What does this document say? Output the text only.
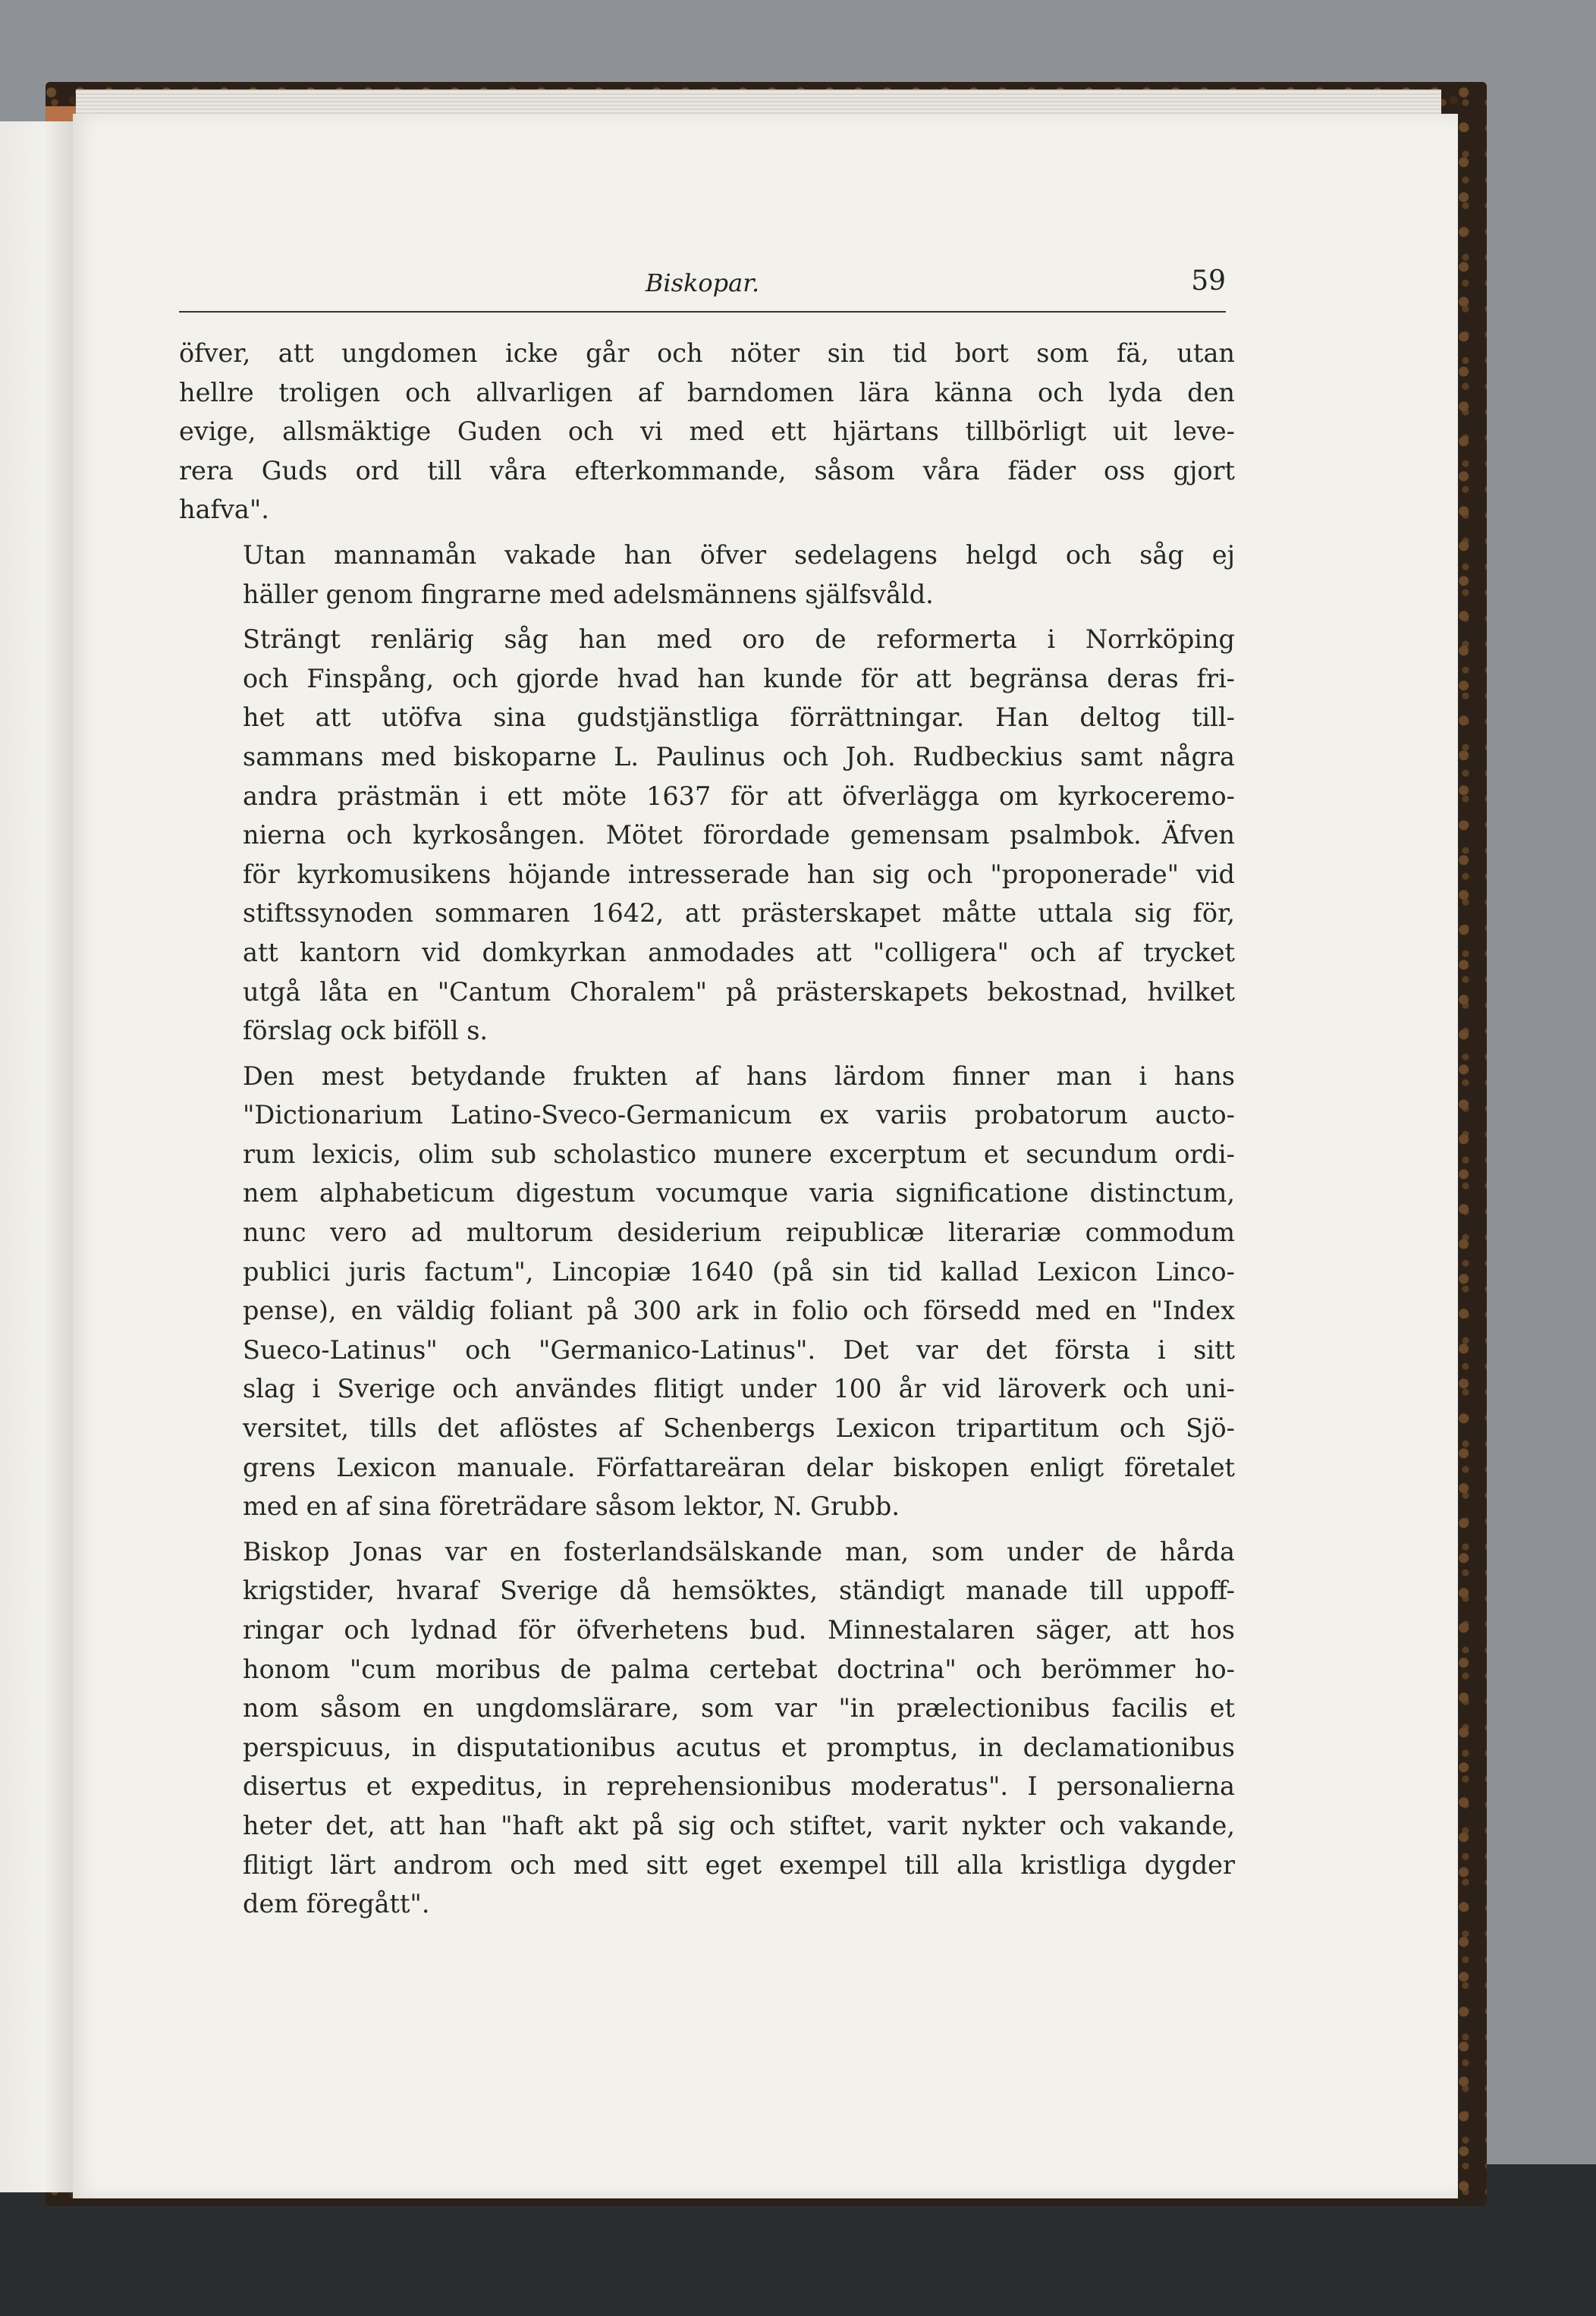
Biskopar.	59

öfver, att ungdomen icke går och nöter sin tid bort som fä, utan
hellre troligen och allvarligen af barndomen lära känna och lyda den
evige, allsmäktige Guden och vi med ett hjärtans tillbörligt uit leve-
rera Guds ord till våra efterkommande, såsom våra fäder oss gjort
hafva".

Utan mannamån vakade han öfver sedelagens helgd och såg ej
häller genom fingrarne med adelsmännens själfsvåld.

Strängt renlärig såg han med oro de reformerta i Norrköping
och Finspång, och gjorde hvad han kunde för att begränsa deras fri-
het att utöfva sina gudstjänstliga förrättningar. Han deltog till-
sammans med biskoparne L. Paulinus och Joh. Rudbeckius samt några
andra prästmän i ett möte 1637 för att öfverlägga om kyrkoceremo-
nierna och kyrkosången. Mötet förordade gemensam psalmbok. Äfven
för kyrkomusikens höjande intresserade han sig och "proponerade" vid
stiftssynoden sommaren 1642, att prästerskapet måtte uttala sig för,
att kantorn vid domkyrkan anmodades att "colligera" och af trycket
utgå låta en "Cantum Choralem" på prästerskapets bekostnad, hvilket
förslag ock biföll s.

Den mest betydande frukten af hans lärdom finner man i hans
"Dictionarium Latino-Sveco-Germanicum ex variis probatorum aucto-
rum lexicis, olim sub scholastico munere excerptum et secundum ordi-
nem alphabeticum digestum vocumque varia significatione distinctum,
nunc vero ad multorum desiderium reipublicæ literariæ commodum
publici juris factum", Lincopiæ 1640 (på sin tid kallad Lexicon Linco-
pense), en väldig foliant på 300 ark in folio och försedd med en "Index
Sueco-Latinus" och "Germanico-Latinus". Det var det första i sitt
slag i Sverige och användes flitigt under 100 år vid läroverk och uni-
versitet, tills det aflöstes af Schenbergs Lexicon tripartitum och Sjö-
grens Lexicon manuale. Författareäran delar biskopen enligt företalet
med en af sina företrädare såsom lektor, N. Grubb.

Biskop Jonas var en fosterlandsälskande man, som under de hårda
krigstider, hvaraf Sverige då hemsöktes, ständigt manade till uppoff-
ringar och lydnad för öfverhetens bud. Minnestalaren säger, att hos
honom "cum moribus de palma certebat doctrina" och berömmer ho-
nom såsom en ungdomslärare, som var "in prælectionibus facilis et
perspicuus, in disputationibus acutus et promptus, in declamationibus
disertus et expeditus, in reprehensionibus moderatus". I personalierna
heter det, att han "haft akt på sig och stiftet, varit nykter och vakande,
flitigt lärt androm och med sitt eget exempel till alla kristliga dygder
dem föregått".
